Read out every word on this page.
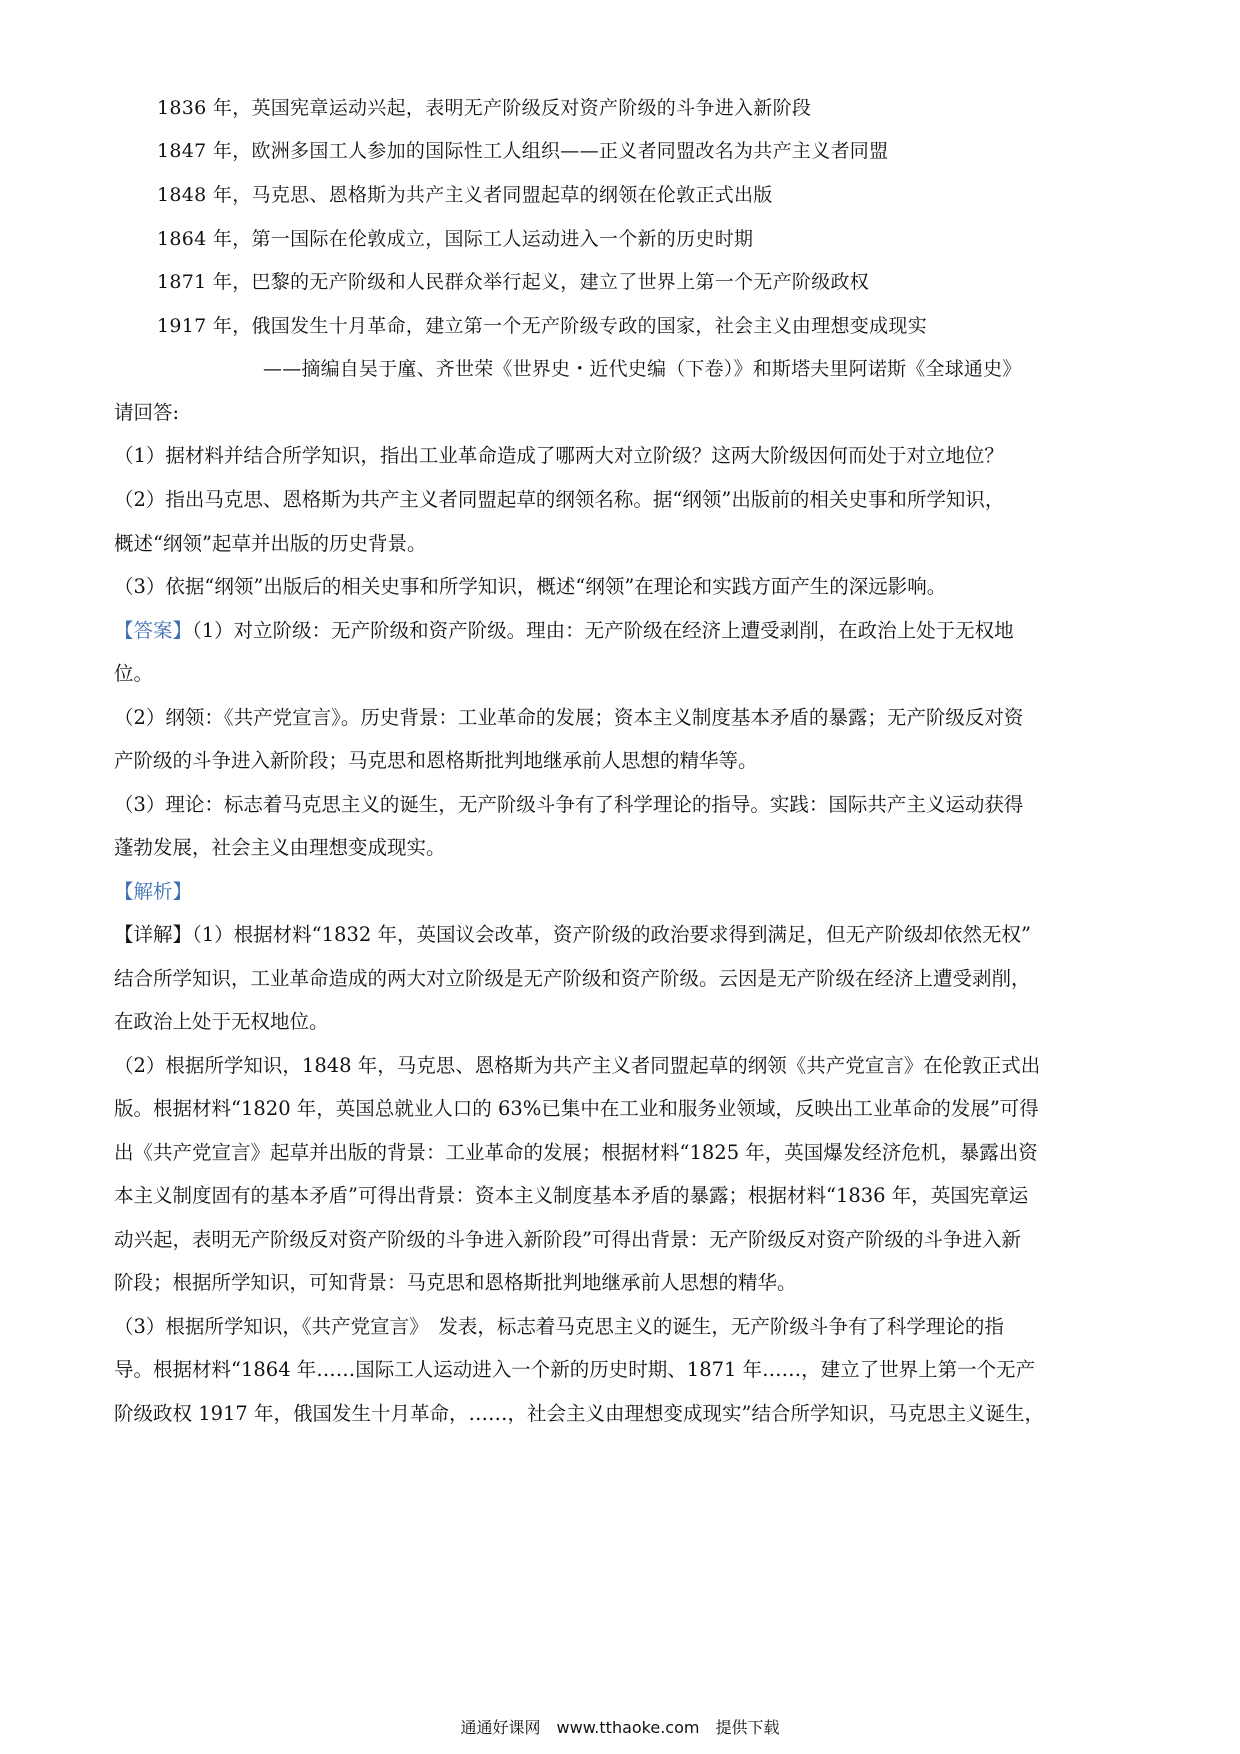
1836 年，英国宪章运动兴起，表明无产阶级反对资产阶级的斗争进入新阶段
1847 年，欧洲多国工人参加的国际性工人组织——正义者同盟改名为共产主义者同盟
1848 年，马克思、恩格斯为共产主义者同盟起草的纲领在伦敦正式出版
1864 年，第一国际在伦敦成立，国际工人运动进入一个新的历史时期
1871 年，巴黎的无产阶级和人民群众举行起义，建立了世界上第一个无产阶级政权
1917 年，俄国发生十月革命，建立第一个无产阶级专政的国家，社会主义由理想变成现实
——摘编自吴于廑、齐世荣《世界史・近代史编（下卷）》和斯塔夫里阿诺斯《全球通史》
请回答:
（1）据材料并结合所学知识，指出工业革命造成了哪两大对立阶级？这两大阶级因何而处于对立地位？
（2）指出马克思、恩格斯为共产主义者同盟起草的纲领名称。据“纲领”出版前的相关史事和所学知识，
概述“纲领”起草并出版的历史背景。
（3）依据“纲领”出版后的相关史事和所学知识，概述“纲领”在理论和实践方面产生的深远影响。
【答案】（1）对立阶级：无产阶级和资产阶级。理由：无产阶级在经济上遭受剥削，在政治上处于无权地
位。
（2）纲领：《共产党宣言》。历史背景：工业革命的发展；资本主义制度基本矛盾的暴露；无产阶级反对资
产阶级的斗争进入新阶段；马克思和恩格斯批判地继承前人思想的精华等。
（3）理论：标志着马克思主义的诞生，无产阶级斗争有了科学理论的指导。实践：国际共产主义运动获得
蓬勃发展，社会主义由理想变成现实。
【解析】
【详解】（1）根据材料“1832 年，英国议会改革，资产阶级的政治要求得到满足，但无产阶级却依然无权”
结合所学知识，工业革命造成的两大对立阶级是无产阶级和资产阶级。云因是无产阶级在经济上遭受剥削，
在政治上处于无权地位。
（2）根据所学知识，1848 年，马克思、恩格斯为共产主义者同盟起草的纲领《共产党宣言》在伦敦正式出
版。根据材料“1820 年，英国总就业人口的 63%已集中在工业和服务业领域，反映出工业革命的发展”可得
出《共产党宣言》起草并出版的背景：工业革命的发展；根据材料“1825 年，英国爆发经济危机，暴露出资
本主义制度固有的基本矛盾”可得出背景：资本主义制度基本矛盾的暴露；根据材料“1836 年，英国宪章运
动兴起，表明无产阶级反对资产阶级的斗争进入新阶段”可得出背景：无产阶级反对资产阶级的斗争进入新
阶段；根据所学知识，可知背景：马克思和恩格斯批判地继承前人思想的精华。
（3）根据所学知识，《共产党宣言》　发表，标志着马克思主义的诞生，无产阶级斗争有了科学理论的指
导。根据材料“1864 年……国际工人运动进入一个新的历史时期、1871 年……，建立了世界上第一个无产
阶级政权 1917 年，俄国发生十月革命，……，社会主义由理想变成现实”结合所学知识，马克思主义诞生，
通通好课网　www.tthaoke.com　提供下载
